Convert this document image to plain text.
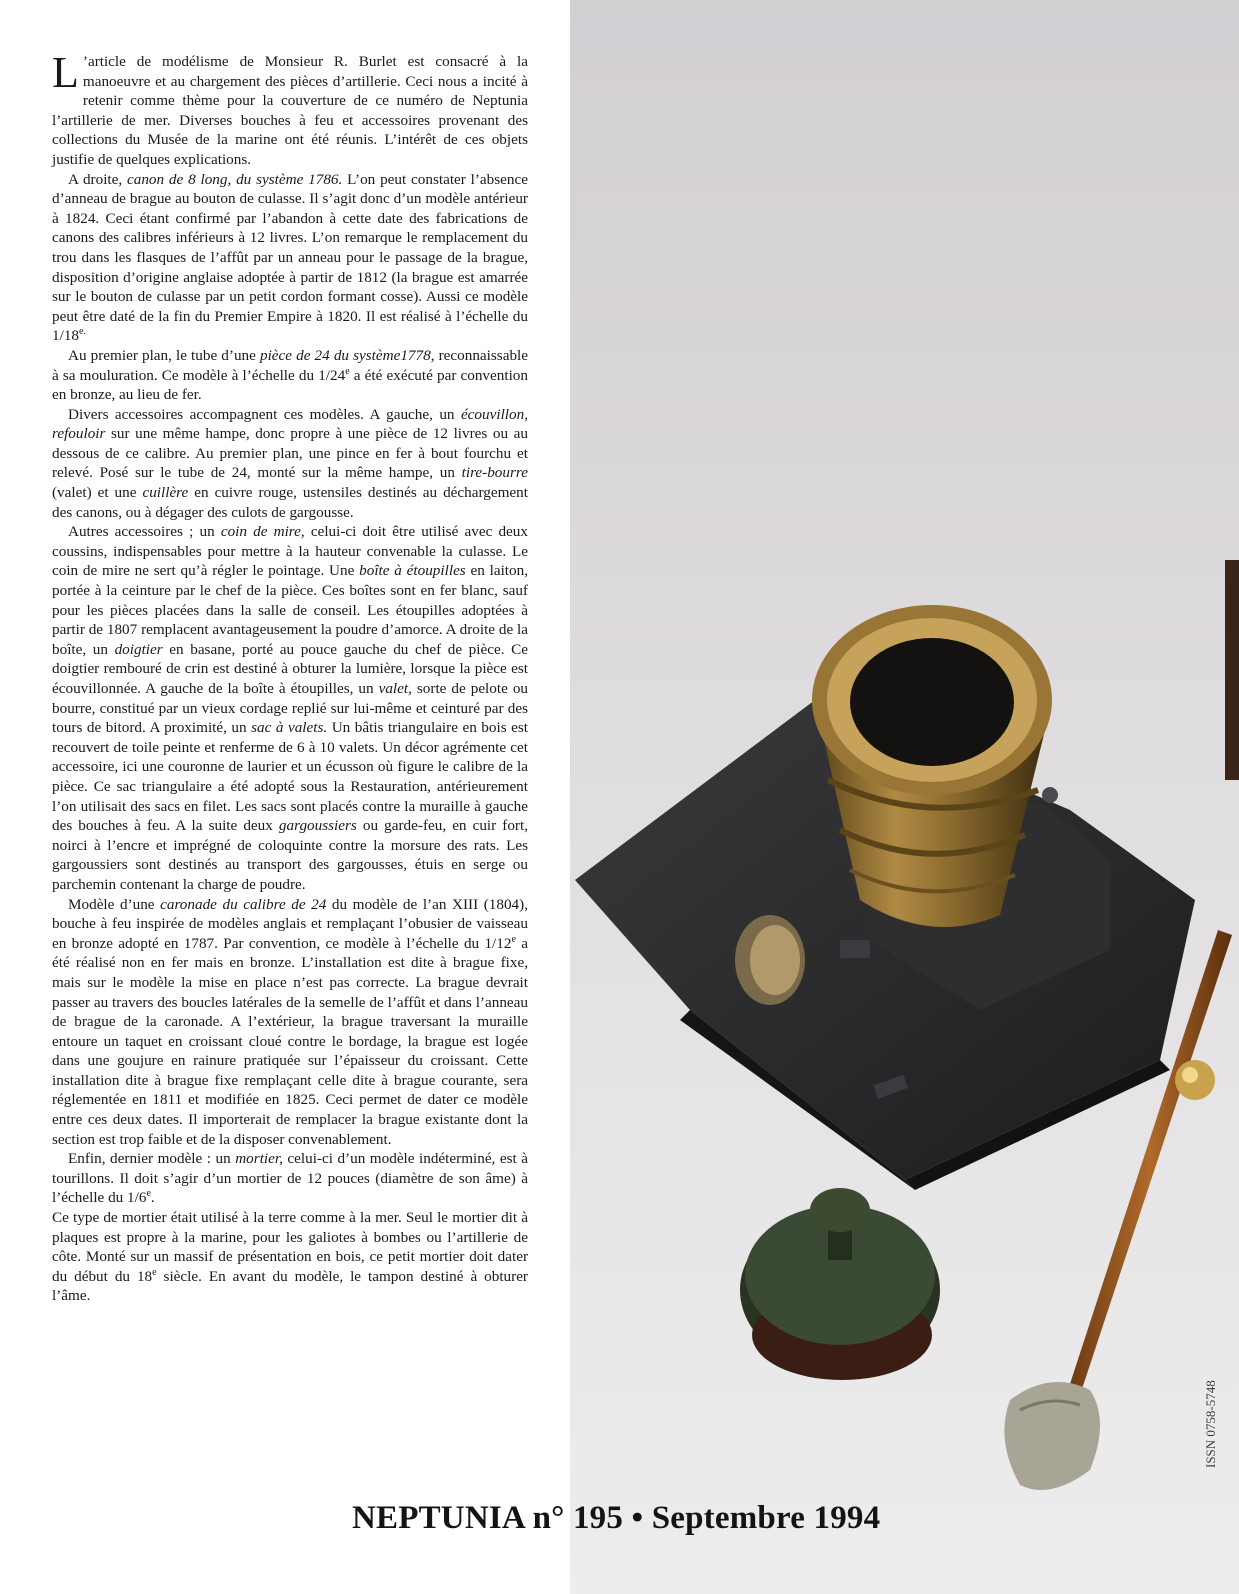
L ’article de modélisme de Monsieur R. Burlet est consacré à la manoeuvre et au chargement des pièces d’artillerie. Ceci nous a incité à retenir comme thème pour la couverture de ce numéro de Neptunia l’artillerie de mer. Diverses bouches à feu et accessoires provenant des collections du Musée de la marine ont été réunis. L’intérêt de ces objets justifie de quelques explications.

A droite, canon de 8 long, du système 1786. L’on peut constater l’absence d’anneau de brague au bouton de culasse. Il s’agit donc d’un modèle antérieur à 1824. Ceci étant confirmé par l’abandon à cette date des fabrications de canons des calibres inférieurs à 12 livres. L’on remarque le remplacement du trou dans les flasques de l’affût par un anneau pour le passage de la brague, disposition d’origine anglaise adoptée à partir de 1812 (la brague est amarrée sur le bouton de culasse par un petit cordon formant cosse). Aussi ce modèle peut être daté de la fin du Premier Empire à 1820. Il est réalisé à l’échelle du $1/18^{e.}$

Au premier plan, le tube d’une pièce de 24 du système1778, reconnaissable à sa mouluration. Ce modèle à l’échelle du 1/24e a été exécuté par convention en bronze, au lieu de fer.

Divers accessoires accompagnent ces modèles. A gauche, un écouvillon, refouloir sur une même hampe, donc propre à une pièce de 12 livres ou au dessous de ce calibre. Au premier plan, une pince en fer à bout fourchu et relevé. Posé sur le tube de 24, monté sur la même hampe, un tire-bourre (valet) et une cuillère en cuivre rouge, ustensiles destinés au déchargement des canons, ou à dégager des culots de gargousse.

Autres accessoires ; un coin de mire, celui-ci doit être utilisé avec deux coussins, indispensables pour mettre à la hauteur convenable la culasse. Le coin de mire ne sert qu’à régler le pointage. Une boîte à étoupilles en laiton, portée à la ceinture par le chef de la pièce. Ces boîtes sont en fer blanc, sauf pour les pièces placées dans la salle de conseil. Les étoupilles adoptées à partir de 1807 remplacent avantageusement la poudre d’amorce. A droite de la boîte, un doigtier en basane, porté au pouce gauche du chef de pièce. Ce doigtier rembouré de crin est destiné à obturer la lumière, lorsque la pièce est écouvillonnée. A gauche de la boîte à étoupilles, un valet, sorte de pelote ou bourre, constitué par un vieux cordage replié sur lui-même et ceinturé par des tours de bitord. A proximité, un sac à valets. Un bâtis triangulaire en bois est recouvert de toile peinte et renferme de 6 à 10 valets. Un décor agrémente cet accessoire, ici une couronne de laurier et un écusson où figure le calibre de la pièce. Ce sac triangulaire a été adopté sous la Restauration, antérieurement l’on utilisait des sacs en filet. Les sacs sont placés contre la muraille à gauche des bouches à feu. A la suite deux gargoussiers ou garde-feu, en cuir fort, noirci à l’encre et imprégné de coloquinte contre la morsure des rats. Les gargoussiers sont destinés au transport des gargousses, étuis en serge ou parchemin contenant la charge de poudre.

Modèle d’une caronade du calibre de 24 du modèle de l’an XIII (1804), bouche à feu inspirée de modèles anglais et remplaçant l’obusier de vaisseau en bronze adopté en 1787. Par convention, ce modèle à l’échelle du 1/12e a été réalisé non en fer mais en bronze. L’installation est dite à brague fixe, mais sur le modèle la mise en place n’est pas correcte. La brague devrait passer au travers des boucles latérales de la semelle de l’affût et dans l’anneau de brague de la caronade. A l’extérieur, la brague traversant la muraille entoure un taquet en croissant cloué contre le bordage, la brague est logée dans une goujure en rainure pratiquée sur l’épaisseur du croissant. Cette installation dite à brague fixe remplaçant celle dite à brague courante, sera réglementée en 1811 et modifiée en 1825. Ceci permet de dater ce modèle entre ces deux dates. Il importerait de remplacer la brague existante dont la section est trop faible et de la disposer convenablement.

Enfin, dernier modèle : un mortier, celui-ci d’un modèle indéterminé, est à tourillons. Il doit s’agir d’un mortier de 12 pouces (diamètre de son âme) à l’échelle du 1/6e.

Ce type de mortier était utilisé à la terre comme à la mer. Seul le mortier dit à plaques est propre à la marine, pour les galiotes à bombes ou l’artillerie de côte. Monté sur un massif de présentation en bois, ce petit mortier doit dater du début du 18e siècle. En avant du modèle, le tampon destiné à obturer l’âme.

NEPTUNIA n° 195 • Septembre 1994
ISSN 0758-5748
